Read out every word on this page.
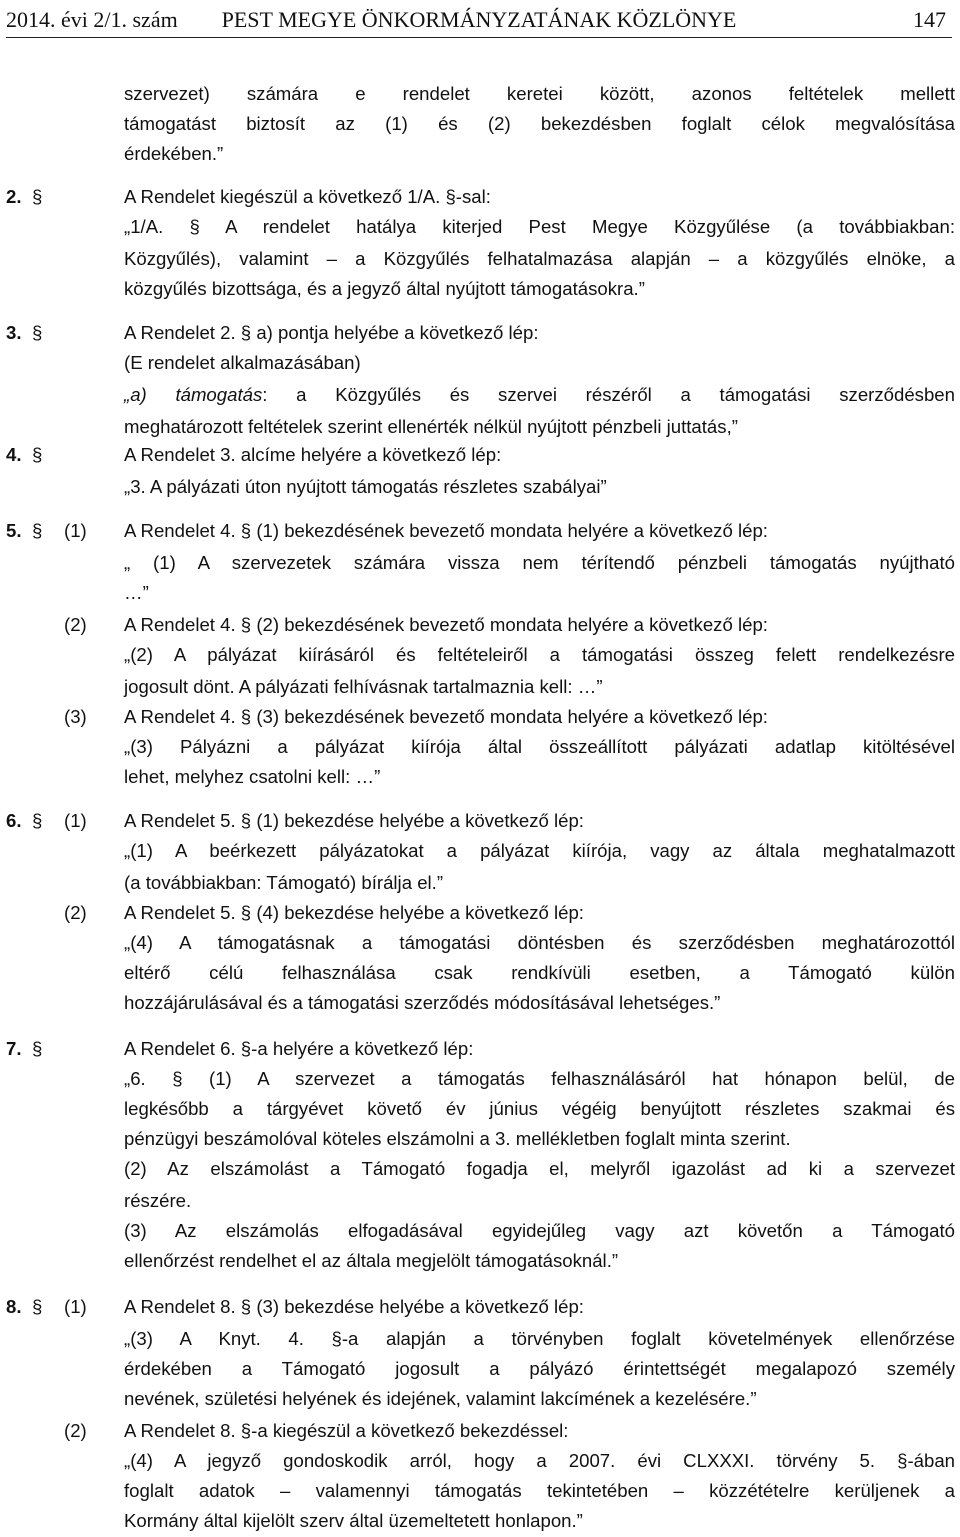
2014. évi 2/1. szám	PEST MEGYE ÖNKORMÁNYZATÁNAK KÖZLÖNYE	147
szervezet) számára e rendelet keretei között, azonos feltételek mellett
támogatást biztosít az (1) és (2) bekezdésben foglalt célok megvalósítása
érdekében.”
2. §	A Rendelet kiegészül a következő 1/A. §-sal:
„1/A. § A rendelet hatálya kiterjed Pest Megye Közgyűlése (a továbbiakban:
Közgyűlés), valamint – a Közgyűlés felhatalmazása alapján – a közgyűlés elnöke, a
közgyűlés bizottsága, és a jegyző által nyújtott támogatásokra.”
3. §	A Rendelet 2. § a) pontja helyébe a következő lép:
(E rendelet alkalmazásában)
„a) támogatás: a Közgyűlés és szervei részéről a támogatási szerződésben
meghatározott feltételek szerint ellenérték nélkül nyújtott pénzbeli juttatás,”
4. §	A Rendelet 3. alcíme helyére a következő lép:
„3. A pályázati úton nyújtott támogatás részletes szabályai”
5. § (1) A Rendelet 4. § (1) bekezdésének bevezető mondata helyére a következő lép:
„ (1) A szervezetek számára vissza nem térítendő pénzbeli támogatás nyújtható
…”
(2) A Rendelet 4. § (2) bekezdésének bevezető mondata helyére a következő lép:
„(2) A pályázat kiírásáról és feltételeiről a támogatási összeg felett rendelkezésre
jogosult dönt. A pályázati felhívásnak tartalmaznia kell: …”
(3) A Rendelet 4. § (3) bekezdésének bevezető mondata helyére a következő lép:
„(3) Pályázni a pályázat kiírója által összeállított pályázati adatlap kitöltésével
lehet, melyhez csatolni kell: …”
6. § (1) A Rendelet 5. § (1) bekezdése helyébe a következő lép:
„(1) A beérkezett pályázatokat a pályázat kiírója, vagy az általa meghatalmazott
(a továbbiakban: Támogató) bírálja el.”
(2) A Rendelet 5. § (4) bekezdése helyébe a következő lép:
„(4) A támogatásnak a támogatási döntésben és szerződésben meghatározottól
eltérő célú felhasználása csak rendkívüli esetben, a Támogató külön
hozzájárulásával és a támogatási szerződés módosításával lehetséges.”
7. §	A Rendelet 6. §-a helyére a következő lép:
„6. § (1) A szervezet a támogatás felhasználásáról hat hónapon belül, de
legkésőbb a tárgyévet követő év június végéig benyújtott részletes szakmai és
pénzügyi beszámolóval köteles elszámolni a 3. mellékletben foglalt minta szerint.
(2) Az elszámolást a Támogató fogadja el, melyről igazolást ad ki a szervezet
részére.
(3) Az elszámolás elfogadásával egyidejűleg vagy azt követőn a Támogató
ellenőrzést rendelhet el az általa megjelölt támogatásoknál.”
8. § (1) A Rendelet 8. § (3) bekezdése helyébe a következő lép:
„(3) A Knyt. 4. §-a alapján a törvényben foglalt követelmények ellenőrzése
érdekében a Támogató jogosult a pályázó érintettségét megalapozó személy
nevének, születési helyének és idejének, valamint lakcímének a kezelésére.”
(2) A Rendelet 8. §-a kiegészül a következő bekezdéssel:
„(4) A jegyző gondoskodik arról, hogy a 2007. évi CLXXXI. törvény 5. §-ában
foglalt adatok – valamennyi támogatás tekintetében – közzétételre kerüljenek a
Kormány által kijelölt szerv által üzemeltetett honlapon.”
